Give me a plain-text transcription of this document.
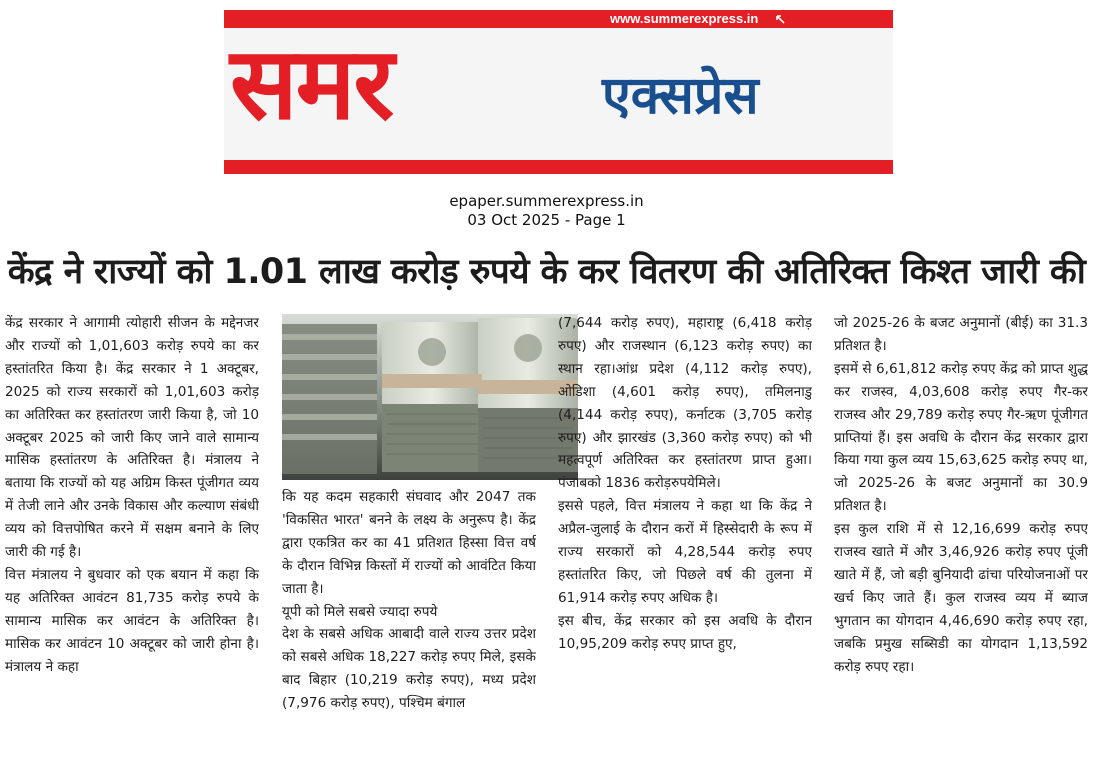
समर	एक्सप्रेस
www.summerexpress.in
epaper.summerexpress.in
03 Oct 2025 - Page 1
केंद्र ने राज्यों को 1.01 लाख करोड़ रुपये के कर वितरण की अतिरिक्त किश्त जारी की

केंद्र सरकार ने आगामी त्योहारी सीजन के मद्देनजर और राज्यों को 1,01,603 करोड़ रुपये का कर हस्तांतरित किया है। केंद्र सरकार ने 1 अक्टूबर, 2025 को राज्य सरकारों को 1,01,603 करोड़ का अतिरिक्त कर हस्तांतरण जारी किया है, जो 10 अक्टूबर 2025 को जारी किए जाने वाले सामान्य मासिक हस्तांतरण के अतिरिक्त है। मंत्रालय ने बताया कि राज्यों को यह अग्रिम किस्त पूंजीगत व्यय में तेजी लाने और उनके विकास और कल्याण संबंधी व्यय को वित्तपोषित करने में सक्षम बनाने के लिए जारी की गई है।

वित्त मंत्रालय ने बुधवार को एक बयान में कहा कि यह अतिरिक्त आवंटन 81,735 करोड़ रुपये के सामान्य मासिक कर आवंटन के अतिरिक्त है। मासिक कर आवंटन 10 अक्टूबर को जारी होना है। मंत्रालय ने कहा

कि यह कदम सहकारी संघवाद और 2047 तक 'विकसित भारत' बनने के लक्ष्य के अनुरूप है। केंद्र द्वारा एकत्रित कर का 41 प्रतिशत हिस्सा वित्त वर्ष के दौरान विभिन्न किस्तों में राज्यों को आवंटित किया जाता है।

यूपी को मिले सबसे ज्यादा रुपये

देश के सबसे अधिक आबादी वाले राज्य उत्तर प्रदेश को सबसे अधिक 18,227 करोड़ रुपए मिले, इसके बाद बिहार (10,219 करोड़ रुपए), मध्य प्रदेश (7,976 करोड़ रुपए), पश्चिम बंगाल

(7,644 करोड़ रुपए), महाराष्ट्र (6,418 करोड़ रुपए) और राजस्थान (6,123 करोड़ रुपए) का स्थान रहा।आंध्र प्रदेश (4,112 करोड़ रुपए), ओडिशा (4,601 करोड़ रुपए), तमिलनाडु (4,144 करोड़ रुपए), कर्नाटक (3,705 करोड़ रुपए) और झारखंड (3,360 करोड़ रुपए) को भी महत्वपूर्ण अतिरिक्त कर हस्तांतरण प्राप्त हुआ।पंजाबको 1836 करोड़रुपयेमिले।

इससे पहले, वित्त मंत्रालय ने कहा था कि केंद्र ने अप्रैल-जुलाई के दौरान करों में हिस्सेदारी के रूप में राज्य सरकारों को 4,28,544 करोड़ रुपए हस्तांतरित किए, जो पिछले वर्ष की तुलना में 61,914 करोड़ रुपए अधिक है।

इस बीच, केंद्र सरकार को इस अवधि के दौरान 10,95,209 करोड़ रुपए प्राप्त हुए,

जो 2025-26 के बजट अनुमानों (बीई) का 31.3 प्रतिशत है।

इसमें से 6,61,812 करोड़ रुपए केंद्र को प्राप्त शुद्ध कर राजस्व, 4,03,608 करोड़ रुपए गैर-कर राजस्व और 29,789 करोड़ रुपए गैर-ऋण पूंजीगत प्राप्तियां हैं। इस अवधि के दौरान केंद्र सरकार द्वारा किया गया कुल व्यय 15,63,625 करोड़ रुपए था, जो 2025-26 के बजट अनुमानों का 30.9 प्रतिशत है।

इस कुल राशि में से 12,16,699 करोड़ रुपए राजस्व खाते में और 3,46,926 करोड़ रुपए पूंजी खाते में हैं, जो बड़ी बुनियादी ढांचा परियोजनाओं पर खर्च किए जाते हैं। कुल राजस्व व्यय में ब्याज भुगतान का योगदान 4,46,690 करोड़ रुपए रहा, जबकि प्रमुख सब्सिडी का योगदान 1,13,592 करोड़ रुपए रहा।
